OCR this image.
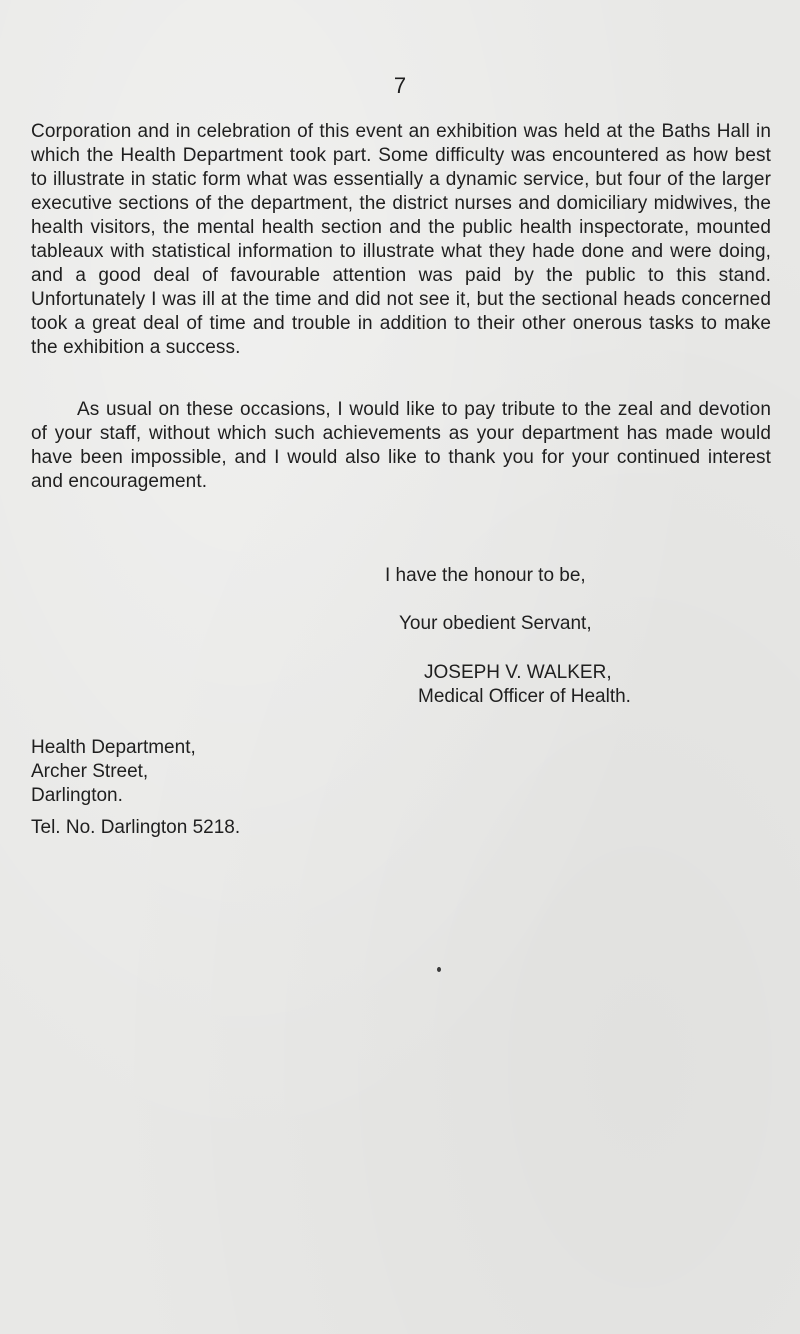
7

Corporation and in celebration of this event an exhibition was held at the Baths Hall in which the Health Department took part. Some difficulty was encountered as how best to illustrate in static form what was essentially a dynamic service, but four of the larger executive sections of the department, the district nurses and domiciliary midwives, the health visitors, the mental health section and the public health inspectorate, mounted tableaux with statistical information to illustrate what they hade done and were doing, and a good deal of favourable attention was paid by the public to this stand. Unfortunately I was ill at the time and did not see it, but the sectional heads concerned took a great deal of time and trouble in addition to their other onerous tasks to make the exhibition a success.

As usual on these occasions, I would like to pay tribute to the zeal and devotion of your staff, without which such achievements as your department has made would have been impossible, and I would also like to thank you for your continued interest and encouragement.

I have the honour to be,
Your obedient Servant,
JOSEPH V. WALKER,
Medical Officer of Health.
Health Department,
Archer Street,
Darlington.
Tel. No. Darlington 5218.
